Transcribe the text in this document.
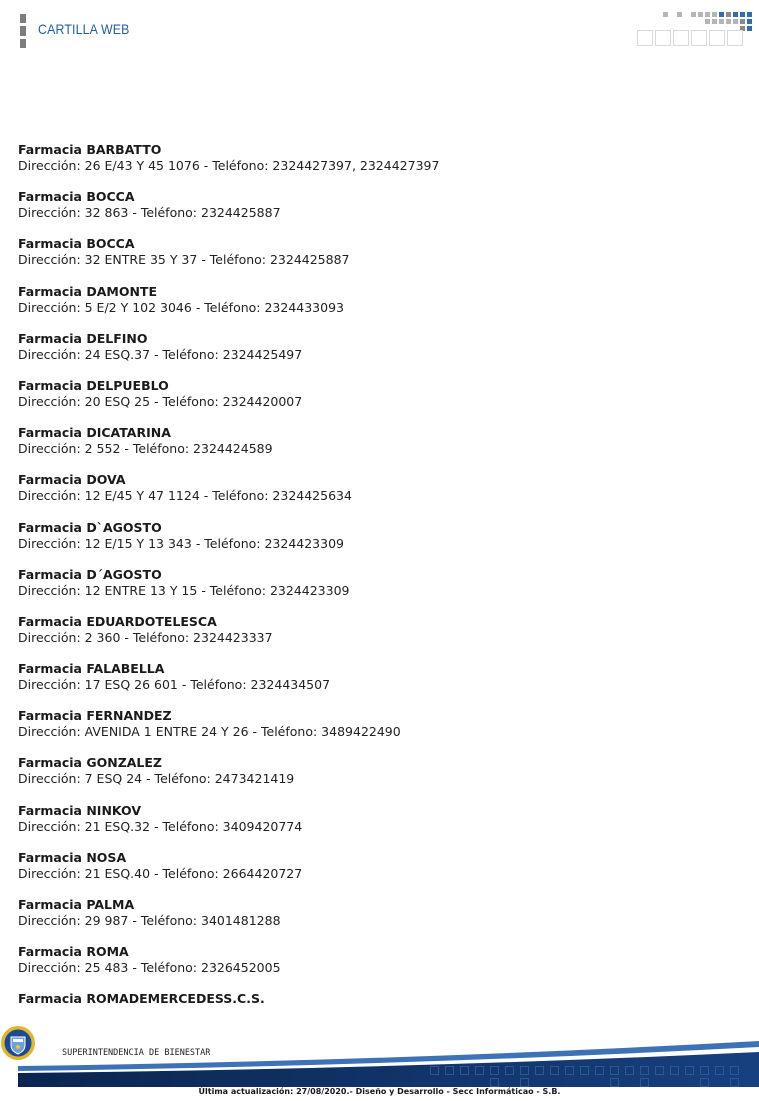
CARTILLA WEB
Farmacia BARBATTO
Dirección: 26 E/43 Y 45 1076 - Teléfono: 2324427397, 2324427397
Farmacia BOCCA
Dirección: 32 863 - Teléfono: 2324425887
Farmacia BOCCA
Dirección: 32 ENTRE 35 Y 37 - Teléfono: 2324425887
Farmacia DAMONTE
Dirección: 5 E/2 Y 102 3046 - Teléfono: 2324433093
Farmacia DELFINO
Dirección: 24 ESQ.37 - Teléfono: 2324425497
Farmacia DELPUEBLO
Dirección: 20 ESQ 25 - Teléfono: 2324420007
Farmacia DICATARINA
Dirección: 2 552 - Teléfono: 2324424589
Farmacia DOVA
Dirección: 12 E/45 Y 47 1124 - Teléfono: 2324425634
Farmacia D`AGOSTO
Dirección: 12 E/15 Y 13 343 - Teléfono: 2324423309
Farmacia D´AGOSTO
Dirección: 12 ENTRE 13 Y 15 - Teléfono: 2324423309
Farmacia EDUARDOTELESCA
Dirección: 2 360 - Teléfono: 2324423337
Farmacia FALABELLA
Dirección: 17 ESQ 26 601 - Teléfono: 2324434507
Farmacia FERNANDEZ
Dirección: AVENIDA 1 ENTRE 24 Y 26 - Teléfono: 3489422490
Farmacia GONZALEZ
Dirección: 7 ESQ 24 - Teléfono: 2473421419
Farmacia NINKOV
Dirección: 21 ESQ.32 - Teléfono: 3409420774
Farmacia NOSA
Dirección: 21 ESQ.40 - Teléfono: 2664420727
Farmacia PALMA
Dirección: 29 987 - Teléfono: 3401481288
Farmacia ROMA
Dirección: 25 483 - Teléfono: 2326452005
Farmacia ROMADEMERCEDESS.C.S.
SUPERINTENDENCIA DE BIENESTAR
Última actualización: 27/08/2020.- Diseño y Desarrollo - Secc Informáticao - S.B.
